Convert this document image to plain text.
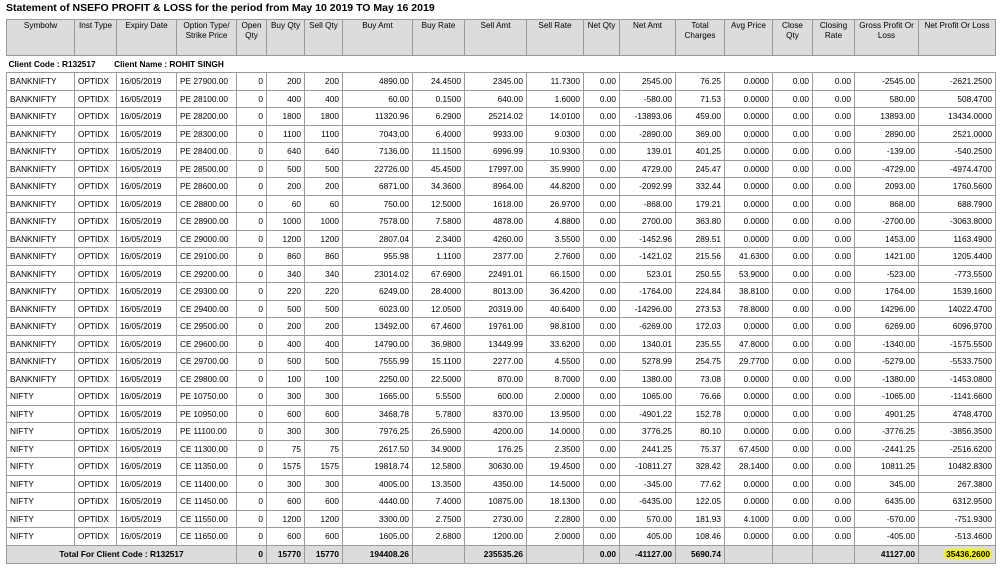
Statement of NSEFO PROFIT & LOSS for the period from May 10 2019 TO May 16 2019
Symbolw	Inst Type	Expiry Date	Option Type/ Strike Price	Open Qty	Buy Qty	Sell Qty	Buy Amt	Buy Rate	Sell Amt	Sell Rate	Net Qty	Net Amt	Total Charges	Avg Price	Close Qty	Closing Rate	Gross Profit Or Loss	Net Profit Or Loss
Client Code : R132517 Client Name : ROHIT SINGH																		
BANKNIFTY	OPTIDX	16/05/2019	PE 27900.00	0	200	200	4890.00	24.4500	2345.00	11.7300	0.00	2545.00	76.25	0.0000	0.00	0.00	-2545.00	-2621.2500
BANKNIFTY	OPTIDX	16/05/2019	PE 28100.00	0	400	400	60.00	0.1500	640.00	1.6000	0.00	-580.00	71.53	0.0000	0.00	0.00	580.00	508.4700
BANKNIFTY	OPTIDX	16/05/2019	PE 28200.00	0	1800	1800	11320.96	6.2900	25214.02	14.0100	0.00	-13893.06	459.00	0.0000	0.00	0.00	13893.00	13434.0000
BANKNIFTY	OPTIDX	16/05/2019	PE 28300.00	0	1100	1100	7043.00	6.4000	9933.00	9.0300	0.00	-2890.00	369.00	0.0000	0.00	0.00	2890.00	2521.0000
BANKNIFTY	OPTIDX	16/05/2019	PE 28400.00	0	640	640	7136.00	11.1500	6996.99	10.9300	0.00	139.01	401.25	0.0000	0.00	0.00	-139.00	-540.2500
BANKNIFTY	OPTIDX	16/05/2019	PE 28500.00	0	500	500	22726.00	45.4500	17997.00	35.9900	0.00	4729.00	245.47	0.0000	0.00	0.00	-4729.00	-4974.4700
BANKNIFTY	OPTIDX	16/05/2019	PE 28600.00	0	200	200	6871.00	34.3600	8964.00	44.8200	0.00	-2092.99	332.44	0.0000	0.00	0.00	2093.00	1760.5600
BANKNIFTY	OPTIDX	16/05/2019	CE 28800.00	0	60	60	750.00	12.5000	1618.00	26.9700	0.00	-868.00	179.21	0.0000	0.00	0.00	868.00	688.7900
BANKNIFTY	OPTIDX	16/05/2019	CE 28900.00	0	1000	1000	7578.00	7.5800	4878.00	4.8800	0.00	2700.00	363.80	0.0000	0.00	0.00	-2700.00	-3063.8000
BANKNIFTY	OPTIDX	16/05/2019	CE 29000.00	0	1200	1200	2807.04	2.3400	4260.00	3.5500	0.00	-1452.96	289.51	0.0000	0.00	0.00	1453.00	1163.4900
BANKNIFTY	OPTIDX	16/05/2019	CE 29100.00	0	860	860	955.98	1.1100	2377.00	2.7600	0.00	-1421.02	215.56	41.6300	0.00	0.00	1421.00	1205.4400
BANKNIFTY	OPTIDX	16/05/2019	CE 29200.00	0	340	340	23014.02	67.6900	22491.01	66.1500	0.00	523.01	250.55	53.9000	0.00	0.00	-523.00	-773.5500
BANKNIFTY	OPTIDX	16/05/2019	CE 29300.00	0	220	220	6249.00	28.4000	8013.00	36.4200	0.00	-1764.00	224.84	38.8100	0.00	0.00	1764.00	1539.1600
BANKNIFTY	OPTIDX	16/05/2019	CE 29400.00	0	500	500	6023.00	12.0500	20319.00	40.6400	0.00	-14296.00	273.53	78.8000	0.00	0.00	14296.00	14022.4700
BANKNIFTY	OPTIDX	16/05/2019	CE 29500.00	0	200	200	13492.00	67.4600	19761.00	98.8100	0.00	-6269.00	172.03	0.0000	0.00	0.00	6269.00	6096.9700
BANKNIFTY	OPTIDX	16/05/2019	CE 29600.00	0	400	400	14790.00	36.9800	13449.99	33.6200	0.00	1340.01	235.55	47.8000	0.00	0.00	-1340.00	-1575.5500
BANKNIFTY	OPTIDX	16/05/2019	CE 29700.00	0	500	500	7555.99	15.1100	2277.00	4.5500	0.00	5278.99	254.75	29.7700	0.00	0.00	-5279.00	-5533.7500
BANKNIFTY	OPTIDX	16/05/2019	CE 29800.00	0	100	100	2250.00	22.5000	870.00	8.7000	0.00	1380.00	73.08	0.0000	0.00	0.00	-1380.00	-1453.0800
NIFTY	OPTIDX	16/05/2019	PE 10750.00	0	300	300	1665.00	5.5500	600.00	2.0000	0.00	1065.00	76.66	0.0000	0.00	0.00	-1065.00	-1141.6600
NIFTY	OPTIDX	16/05/2019	PE 10950.00	0	600	600	3468.78	5.7800	8370.00	13.9500	0.00	-4901.22	152.78	0.0000	0.00	0.00	4901.25	4748.4700
NIFTY	OPTIDX	16/05/2019	PE 11100.00	0	300	300	7976.25	26.5900	4200.00	14.0000	0.00	3776.25	80.10	0.0000	0.00	0.00	-3776.25	-3856.3500
NIFTY	OPTIDX	16/05/2019	CE 11300.00	0	75	75	2617.50	34.9000	176.25	2.3500	0.00	2441.25	75.37	67.4500	0.00	0.00	-2441.25	-2516.6200
NIFTY	OPTIDX	16/05/2019	CE 11350.00	0	1575	1575	19818.74	12.5800	30630.00	19.4500	0.00	-10811.27	328.42	28.1400	0.00	0.00	10811.25	10482.8300
NIFTY	OPTIDX	16/05/2019	CE 11400.00	0	300	300	4005.00	13.3500	4350.00	14.5000	0.00	-345.00	77.62	0.0000	0.00	0.00	345.00	267.3800
NIFTY	OPTIDX	16/05/2019	CE 11450.00	0	600	600	4440.00	7.4000	10875.00	18.1300	0.00	-6435.00	122.05	0.0000	0.00	0.00	6435.00	6312.9500
NIFTY	OPTIDX	16/05/2019	CE 11550.00	0	1200	1200	3300.00	2.7500	2730.00	2.2800	0.00	570.00	181.93	4.1000	0.00	0.00	-570.00	-751.9300
NIFTY	OPTIDX	16/05/2019	CE 11650.00	0	600	600	1605.00	2.6800	1200.00	2.0000	0.00	405.00	108.46	0.0000	0.00	0.00	-405.00	-513.4600
Total For Client Code : R132517				0	15770	15770	194408.26		235535.26		0.00	-41127.00	5690.74				41127.00	35436.2600
